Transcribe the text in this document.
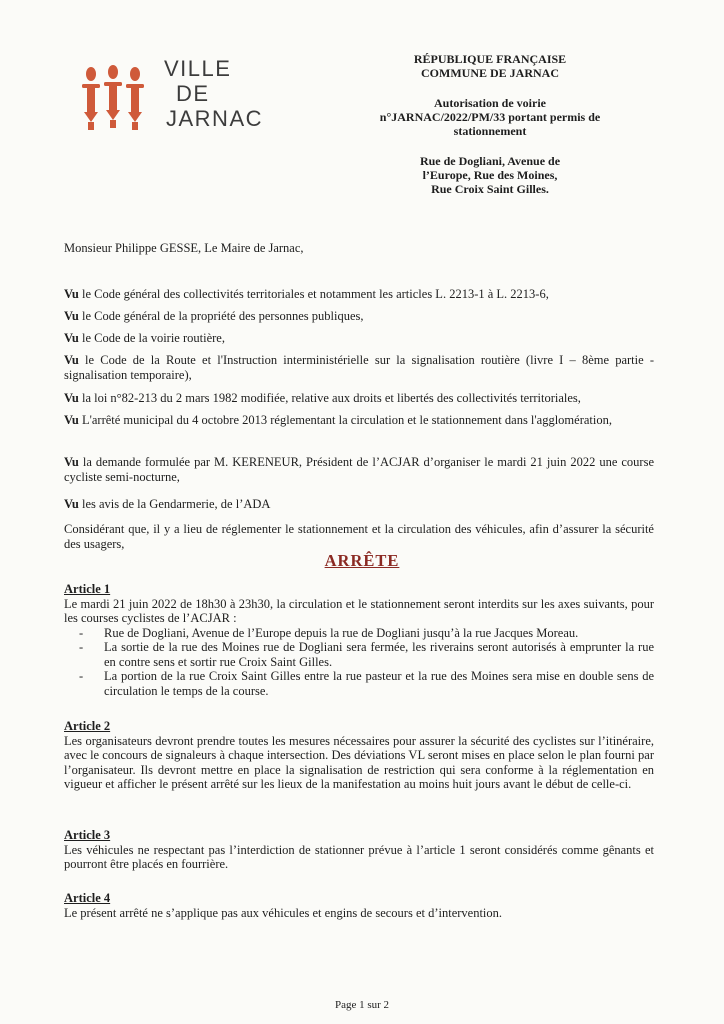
VILLE
DE
JARNAC
RÉPUBLIQUE FRANÇAISE
COMMUNE DE JARNAC
Autorisation de voirie
n°JARNAC/2022/PM/33 portant permis de
stationnement
Rue de Dogliani, Avenue de
l’Europe, Rue des Moines,
Rue Croix Saint Gilles.
Monsieur Philippe GESSE, Le Maire de Jarnac,
Vu le Code général des collectivités territoriales et notamment les articles L. 2213-1 à L. 2213-6,
Vu le Code général de la propriété des personnes publiques,
Vu le Code de la voirie routière,
Vu le Code de la Route et l'Instruction interministérielle sur la signalisation routière (livre I – 8ème partie - signalisation temporaire),
Vu la loi n°82-213 du 2 mars 1982 modifiée, relative aux droits et libertés des collectivités territoriales,
Vu L'arrêté municipal du 4 octobre 2013 réglementant la circulation et le stationnement dans l'agglomération,
Vu la demande formulée par M. KERENEUR, Président de l’ACJAR d’organiser le mardi 21 juin 2022 une course cycliste semi-nocturne,
Vu les avis de la Gendarmerie, de l’ADA
Considérant que, il y a lieu de réglementer le stationnement et la circulation des véhicules, afin d’assurer la sécurité des usagers,
ARRÊTE
Article 1
Le mardi 21 juin 2022 de 18h30 à 23h30, la circulation et le stationnement seront interdits sur les axes suivants, pour les courses cyclistes de l’ACJAR :
- Rue de Dogliani, Avenue de l’Europe depuis la rue de Dogliani jusqu’à la rue Jacques Moreau.
- La sortie de la rue des Moines rue de Dogliani sera fermée, les riverains seront autorisés à emprunter la rue en contre sens et sortir rue Croix Saint Gilles.
- La portion de la rue Croix Saint Gilles entre la rue pasteur et la rue des Moines sera mise en double sens de circulation le temps de la course.
Article 2
Les organisateurs devront prendre toutes les mesures nécessaires pour assurer la sécurité des cyclistes sur l’itinéraire, avec le concours de signaleurs à chaque intersection. Des déviations VL seront mises en place selon le plan fourni par l’organisateur. Ils devront mettre en place la signalisation de restriction qui sera conforme à la réglementation en vigueur et afficher le présent arrêté sur les lieux de la manifestation au moins huit jours avant le début de celle-ci.
Article 3
Les véhicules ne respectant pas l’interdiction de stationner prévue à l’article 1 seront considérés comme gênants et pourront être placés en fourrière.
Article 4
Le présent arrêté ne s’applique pas aux véhicules et engins de secours et d’intervention.
Page 1 sur 2
